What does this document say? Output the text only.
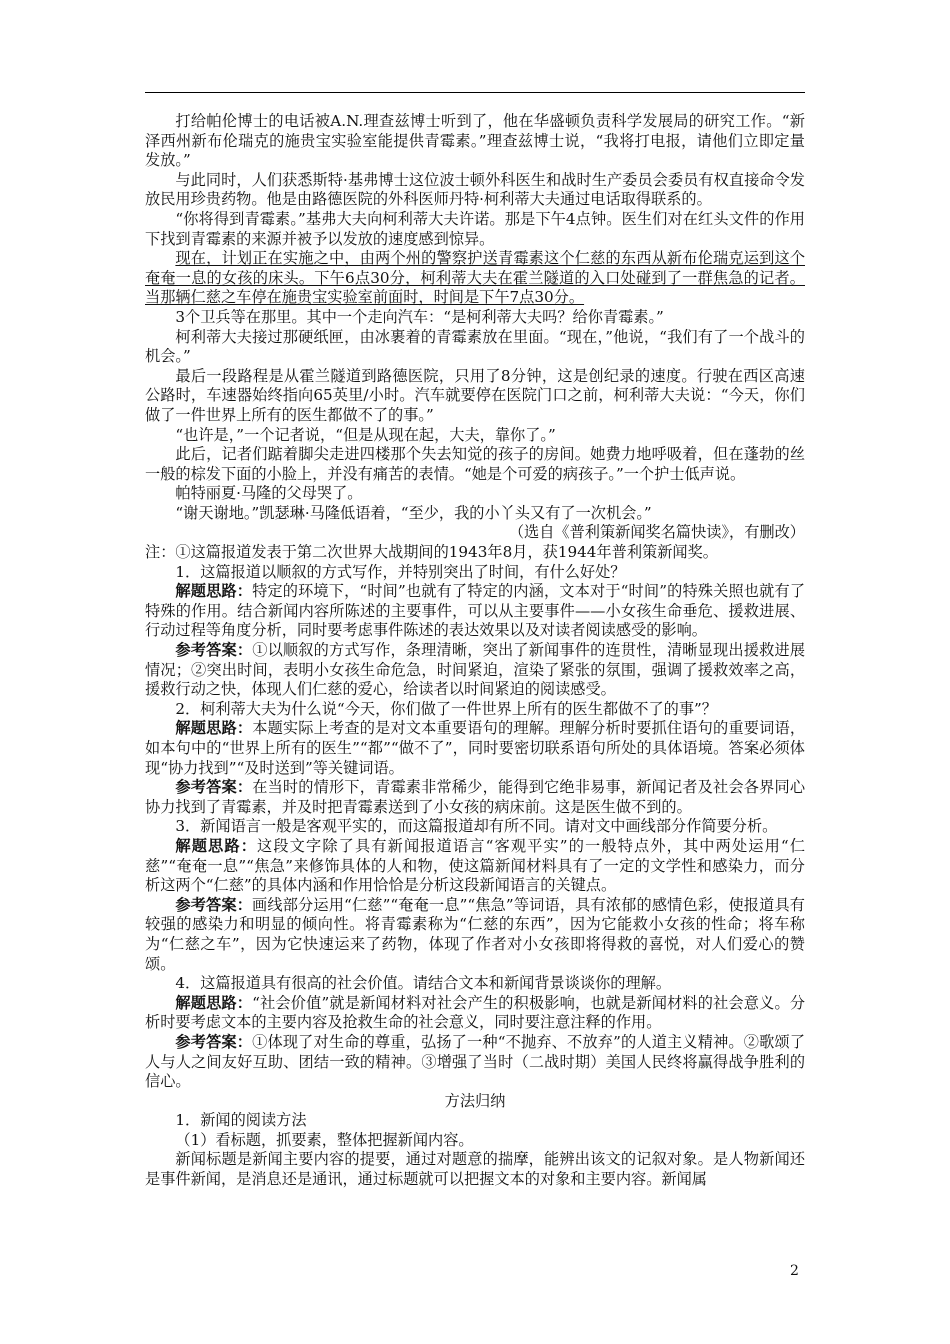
打给帕伦博士的电话被A.N.理查兹博士听到了，他在华盛顿负责科学发展局的研究工作。“新泽西州新布伦瑞克的施贵宝实验室能提供青霉素。”理查兹博士说，“我将打电报，请他们立即定量发放。”

与此同时，人们获悉斯特·基弗博士这位波士顿外科医生和战时生产委员会委员有权直接命令发放民用珍贵药物。他是由路德医院的外科医师丹特·柯利蒂大夫通过电话取得联系的。

“你将得到青霉素。”基弗大夫向柯利蒂大夫许诺。那是下午4点钟。医生们对在红头文件的作用下找到青霉素的来源并被予以发放的速度感到惊异。

现在，计划正在实施之中，由两个州的警察护送青霉素这个仁慈的东西从新布伦瑞克运到这个奄奄一息的女孩的床头。下午6点30分，柯利蒂大夫在霍兰隧道的入口处碰到了一群焦急的记者。当那辆仁慈之车停在施贵宝实验室前面时，时间是下午7点30分。

3个卫兵等在那里。其中一个走向汽车：“是柯利蒂大夫吗？给你青霉素。”

柯利蒂大夫接过那硬纸匣，由冰裹着的青霉素放在里面。“现在，”他说，“我们有了一个战斗的机会。”

最后一段路程是从霍兰隧道到路德医院，只用了8分钟，这是创纪录的速度。行驶在西区高速公路时，车速器始终指向65英里/小时。汽车就要停在医院门口之前，柯利蒂大夫说：“今天，你们做了一件世界上所有的医生都做不了的事。”

“也许是，”一个记者说，“但是从现在起，大夫，靠你了。”

此后，记者们踮着脚尖走进四楼那个失去知觉的孩子的房间。她费力地呼吸着，但在蓬勃的丝一般的棕发下面的小脸上，并没有痛苦的表情。“她是个可爱的病孩子。”一个护士低声说。

帕特丽夏·马隆的父母哭了。

“谢天谢地。”凯瑟琳·马隆低语着，“至少，我的小丫头又有了一次机会。”

（选自《普利策新闻奖名篇快读》，有删改）

注：①这篇报道发表于第二次世界大战期间的1943年8月，获1944年普利策新闻奖。

1．这篇报道以顺叙的方式写作，并特别突出了时间，有什么好处？

解题思路：特定的环境下，“时间”也就有了特定的内涵，文本对于“时间”的特殊关照也就有了特殊的作用。结合新闻内容所陈述的主要事件，可以从主要事件——小女孩生命垂危、援救进展、行动过程等角度分析，同时要考虑事件陈述的表达效果以及对读者阅读感受的影响。

参考答案：①以顺叙的方式写作，条理清晰，突出了新闻事件的连贯性，清晰显现出援救进展情况；②突出时间，表明小女孩生命危急，时间紧迫，渲染了紧张的氛围，强调了援救效率之高，援救行动之快，体现人们仁慈的爱心，给读者以时间紧迫的阅读感受。

2．柯利蒂大夫为什么说“今天，你们做了一件世界上所有的医生都做不了的事”？

解题思路：本题实际上考查的是对文本重要语句的理解。理解分析时要抓住语句的重要词语，如本句中的“世界上所有的医生”“都”“做不了”，同时要密切联系语句所处的具体语境。答案必须体现“协力找到”“及时送到”等关键词语。

参考答案：在当时的情形下，青霉素非常稀少，能得到它绝非易事，新闻记者及社会各界同心协力找到了青霉素，并及时把青霉素送到了小女孩的病床前。这是医生做不到的。

3．新闻语言一般是客观平实的，而这篇报道却有所不同。请对文中画线部分作简要分析。

解题思路：这段文字除了具有新闻报道语言“客观平实”的一般特点外，其中两处运用“仁慈”“奄奄一息”“焦急”来修饰具体的人和物，使这篇新闻材料具有了一定的文学性和感染力，而分析这两个“仁慈”的具体内涵和作用恰恰是分析这段新闻语言的关键点。

参考答案：画线部分运用“仁慈”“奄奄一息”“焦急”等词语，具有浓郁的感情色彩，使报道具有较强的感染力和明显的倾向性。将青霉素称为“仁慈的东西”，因为它能救小女孩的性命；将车称为“仁慈之车”，因为它快速运来了药物，体现了作者对小女孩即将得救的喜悦，对人们爱心的赞颂。

4．这篇报道具有很高的社会价值。请结合文本和新闻背景谈谈你的理解。

解题思路：“社会价值”就是新闻材料对社会产生的积极影响，也就是新闻材料的社会意义。分析时要考虑文本的主要内容及抢救生命的社会意义，同时要注意注释的作用。

参考答案：①体现了对生命的尊重，弘扬了一种“不抛弃、不放弃”的人道主义精神。②歌颂了人与人之间友好互助、团结一致的精神。③增强了当时（二战时期）美国人民终将赢得战争胜利的信心。

方法归纳

1．新闻的阅读方法

（1）看标题，抓要素，整体把握新闻内容。

新闻标题是新闻主要内容的提要，通过对题意的揣摩，能辨出该文的记叙对象。是人物新闻还是事件新闻，是消息还是通讯，通过标题就可以把握文本的对象和主要内容。新闻属

2
